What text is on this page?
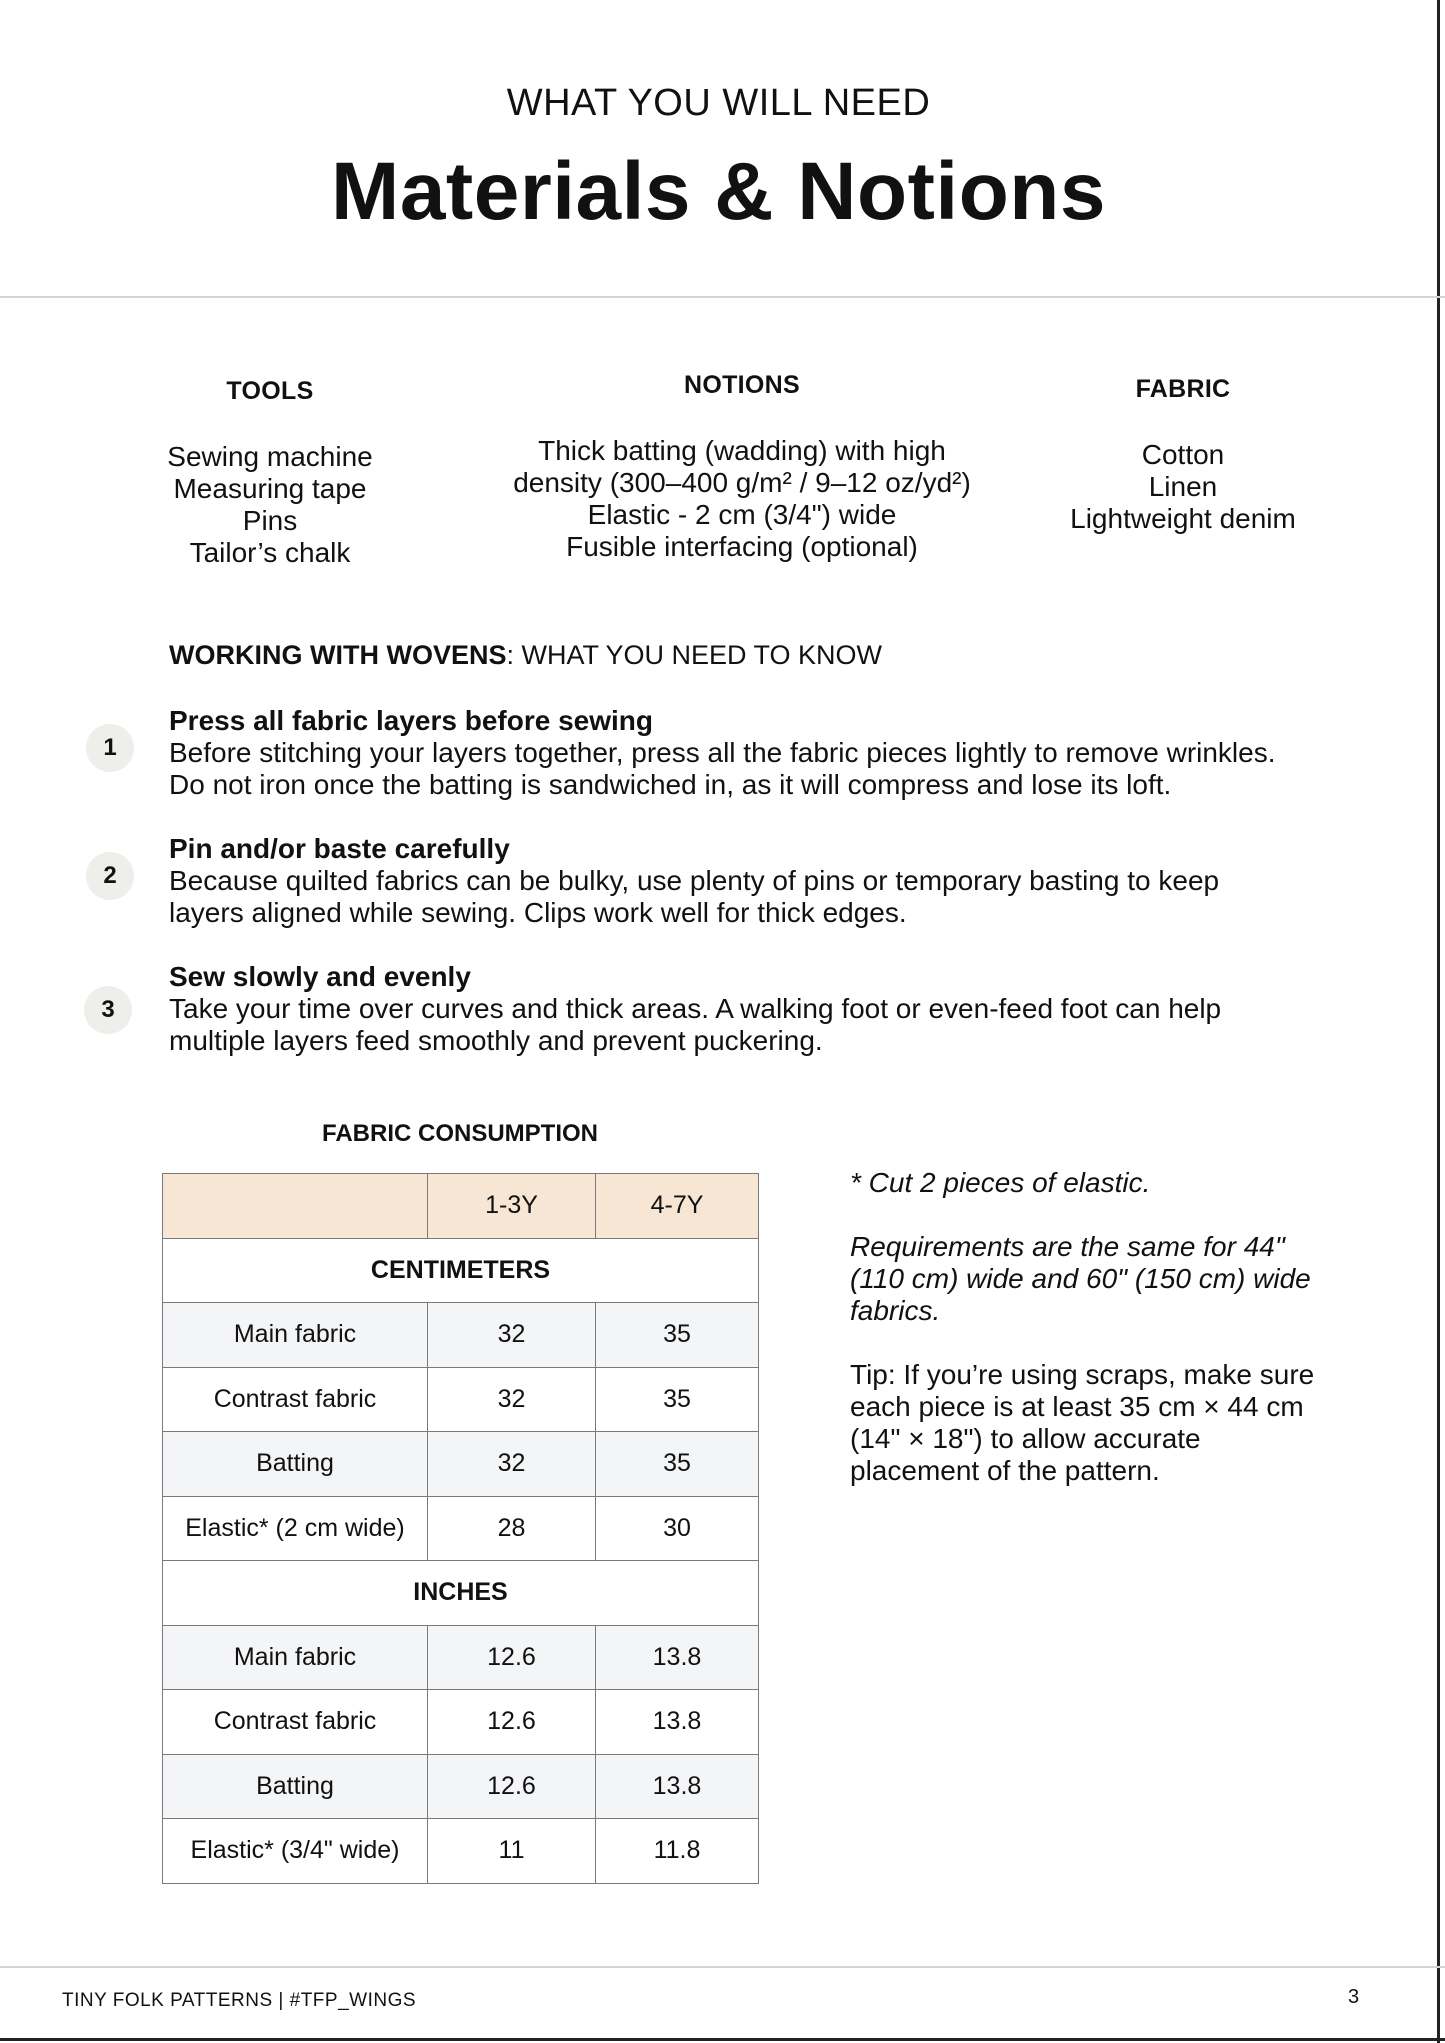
WHAT YOU WILL NEED
Materials & Notions
TOOLS
Sewing machine
Measuring tape
Pins
Tailor’s chalk
NOTIONS
Thick batting (wadding) with high
density (300–400 g/m² / 9–12 oz/yd²)
Elastic - 2 cm (3/4") wide
Fusible interfacing (optional)
FABRIC
Cotton
Linen
Lightweight denim
WORKING WITH WOVENS: WHAT YOU NEED TO KNOW
1
Press all fabric layers before sewing
Before stitching your layers together, press all the fabric pieces lightly to remove wrinkles.
Do not iron once the batting is sandwiched in, as it will compress and lose its loft.
2
Pin and/or baste carefully
Because quilted fabrics can be bulky, use plenty of pins or temporary basting to keep
layers aligned while sewing. Clips work well for thick edges.
3
Sew slowly and evenly
Take your time over curves and thick areas. A walking foot or even-feed foot can help
multiple layers feed smoothly and prevent puckering.
FABRIC CONSUMPTION
	1-3Y	4-7Y
CENTIMETERS		
Main fabric	32	35
Contrast fabric	32	35
Batting	32	35
Elastic* (2 cm wide)	28	30
INCHES		
Main fabric	12.6	13.8
Contrast fabric	12.6	13.8
Batting	12.6	13.8
Elastic* (3/4" wide)	11	11.8

* Cut 2 pieces of elastic.

Requirements are the same for 44"
(110 cm) wide and 60" (150 cm) wide
fabrics.

Tip: If you’re using scraps, make sure
each piece is at least 35 cm × 44 cm
(14" × 18") to allow accurate
placement of the pattern.

TINY FOLK PATTERNS | #TFP_WINGS	3
